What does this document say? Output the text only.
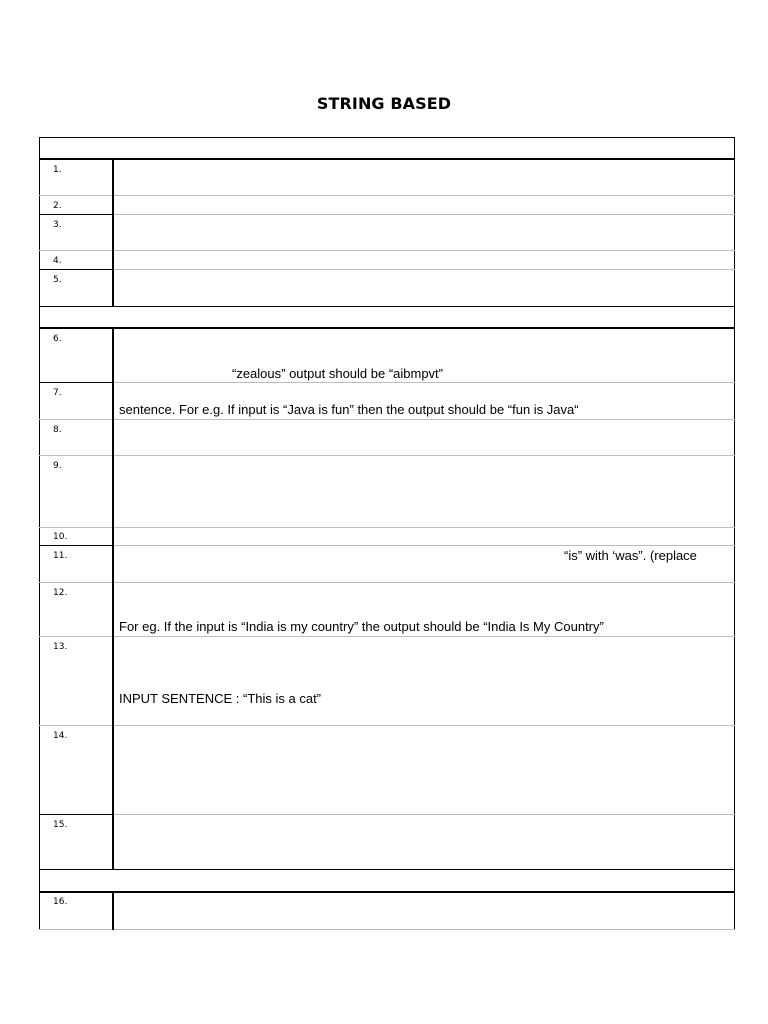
STRING BASED
1.
2.
3.
4.
5.
6.
7.
8.
9.
10.
11.
12.
13.
14.
15.
16.
“zealous” output should be “aibmpvt”
sentence. For e.g. If input is “Java is fun” then the output should be “fun is Java“
“is” with ‘was”. (replace
For eg. If the input is “India is my country” the output should be “India Is My Country”
INPUT SENTENCE : “This is a cat”
